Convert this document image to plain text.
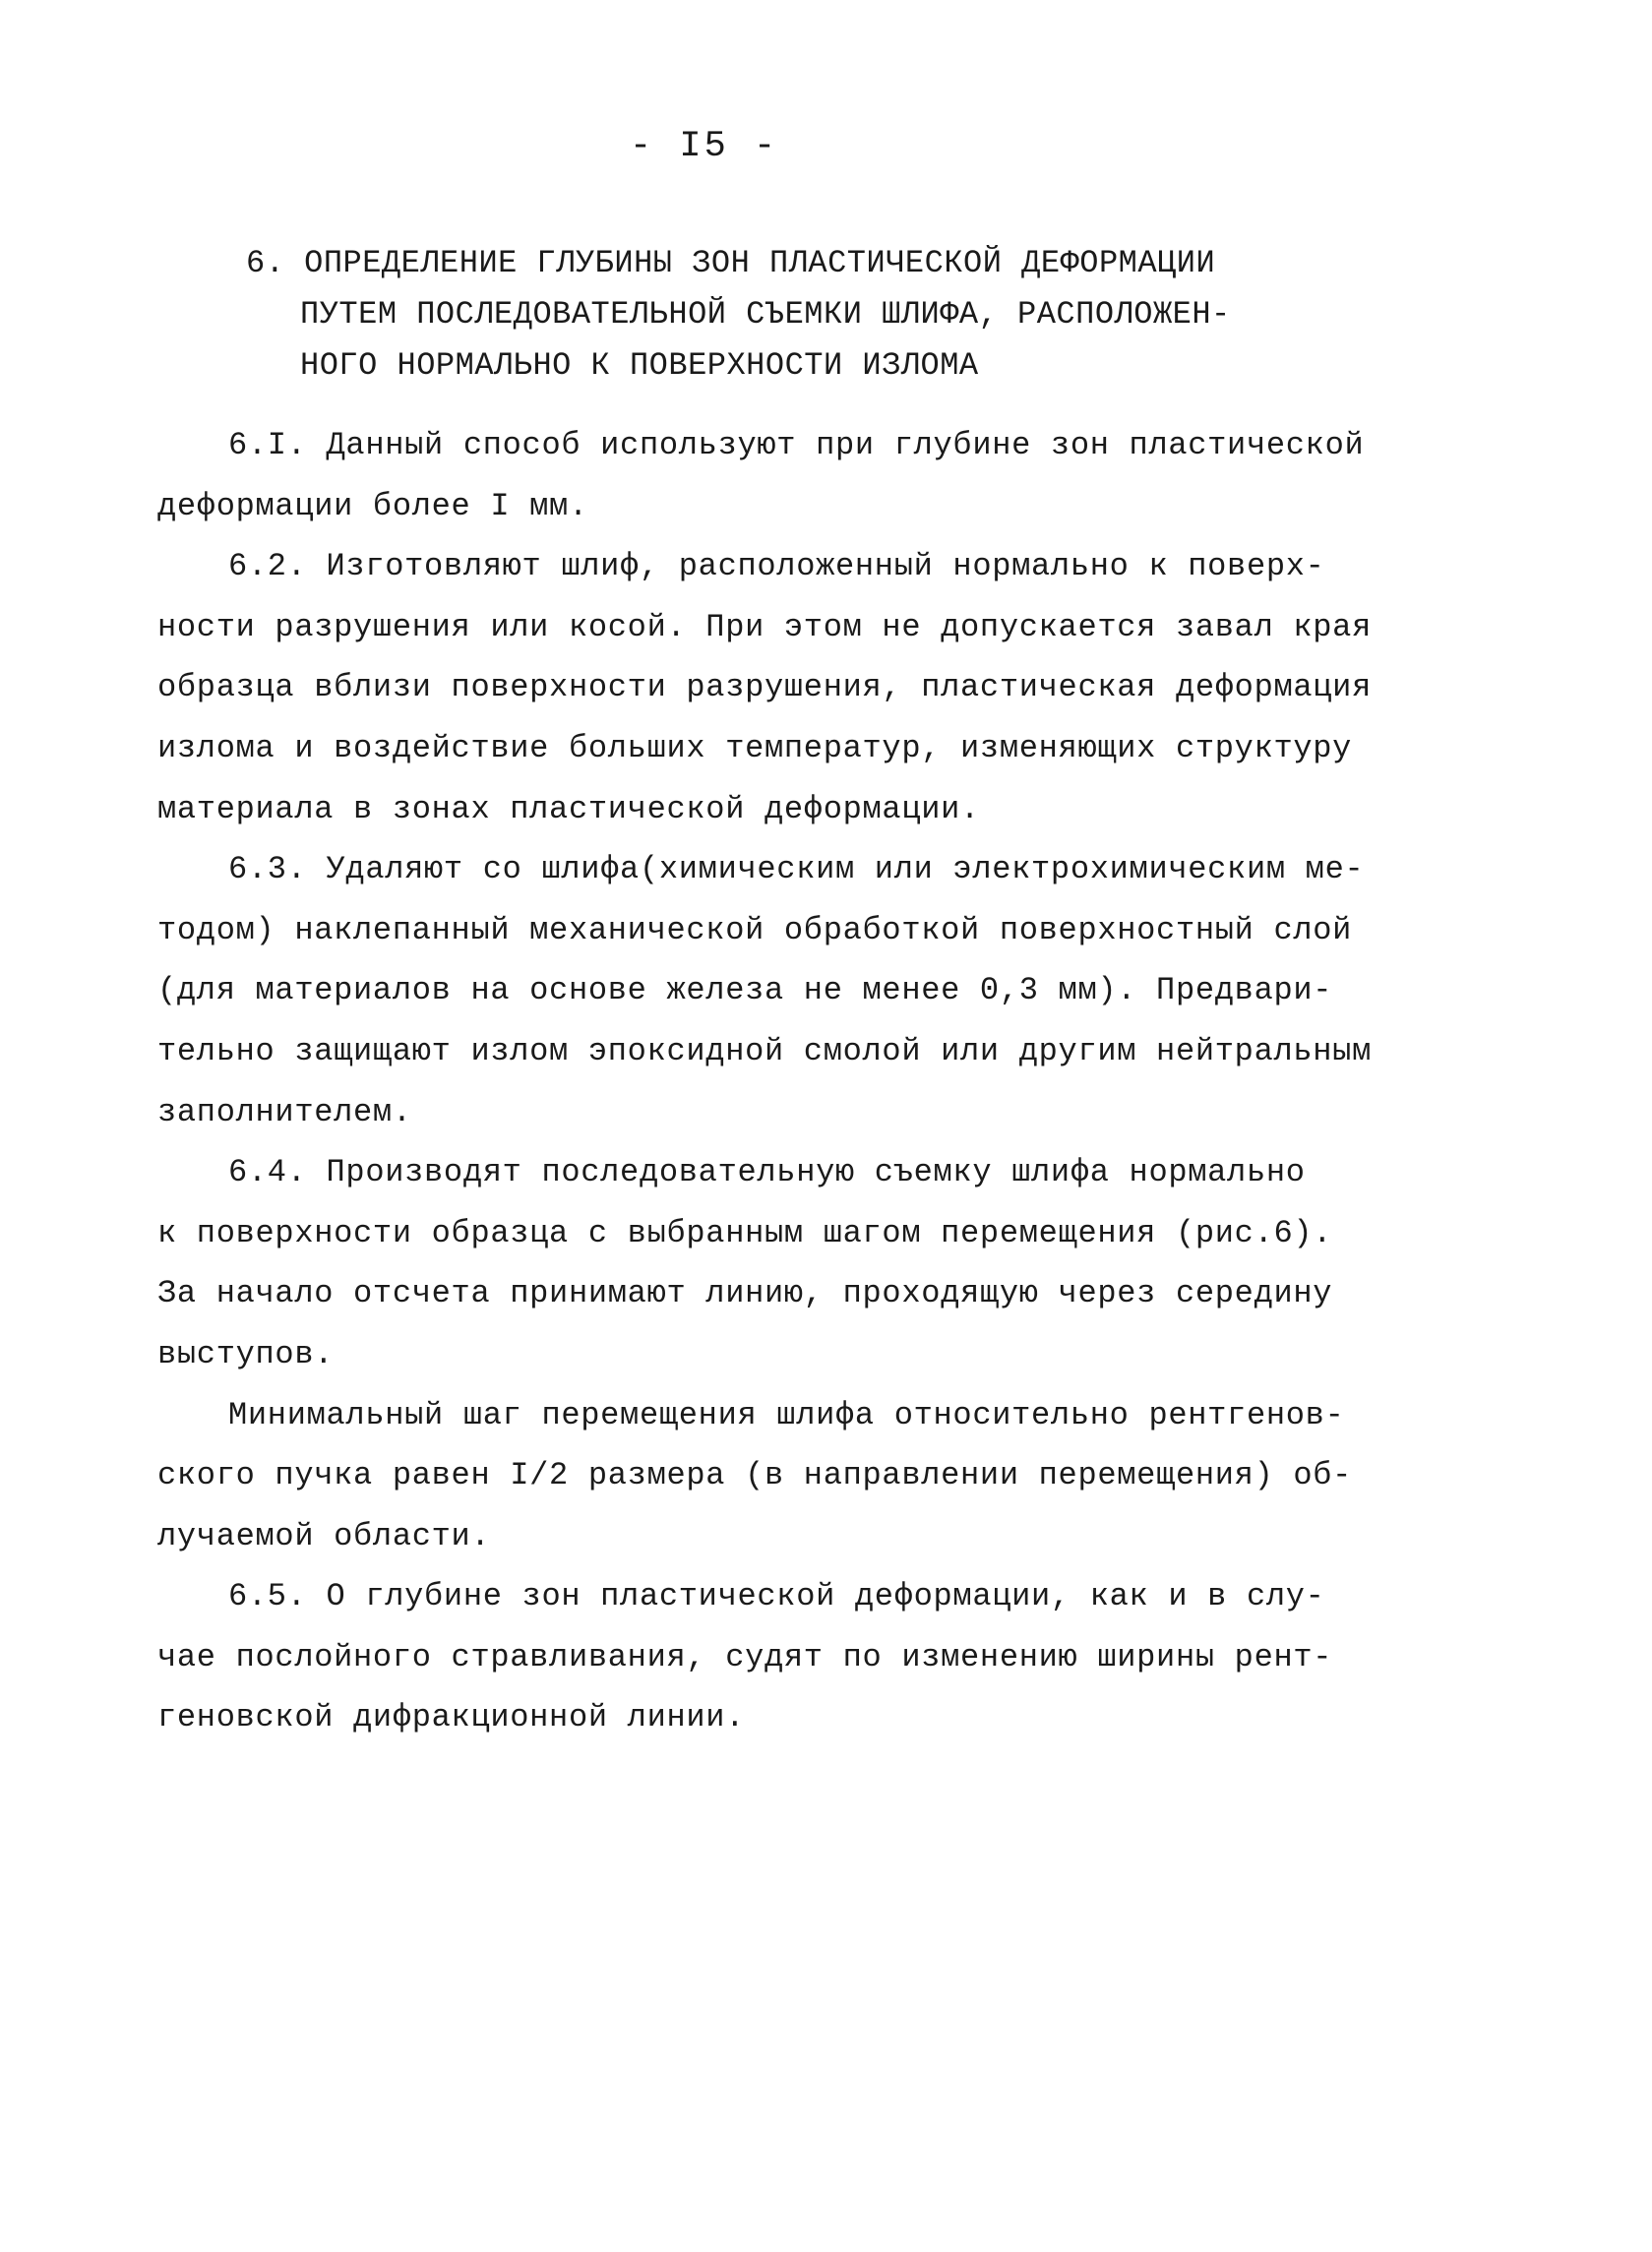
- I5 -
6. ОПРЕДЕЛЕНИЕ ГЛУБИНЫ ЗОН ПЛАСТИЧЕСКОЙ ДЕФОРМАЦИИ
ПУТЕМ ПОСЛЕДОВАТЕЛЬНОЙ СЪЕМКИ ШЛИФА, РАСПОЛОЖЕН-
НОГО НОРМАЛЬНО К ПОВЕРХНОСТИ ИЗЛОМА
6.I. Данный способ используют при глубине зон пластической
деформации более I мм.
6.2. Изготовляют шлиф, расположенный нормально к поверх-
ности разрушения или косой. При этом не допускается завал края
образца вблизи поверхности разрушения, пластическая деформация
излома и воздействие больших температур, изменяющих структуру
материала в зонах пластической деформации.
6.3. Удаляют со шлифа(химическим или электрохимическим ме-
тодом) наклепанный механической обработкой поверхностный слой
(для материалов на основе железа не менее 0,3 мм). Предвари-
тельно защищают излом эпоксидной смолой или другим нейтральным
заполнителем.
6.4. Производят последовательную съемку шлифа нормально
к поверхности образца с выбранным шагом перемещения (рис.6).
За начало отсчета принимают линию, проходящую через середину
выступов.
Минимальный шаг перемещения шлифа относительно рентгенов-
ского пучка равен I/2 размера (в направлении перемещения) об-
лучаемой области.
6.5. О глубине зон пластической деформации, как и в слу-
чае послойного стравливания, судят по изменению ширины рент-
геновской дифракционной линии.
